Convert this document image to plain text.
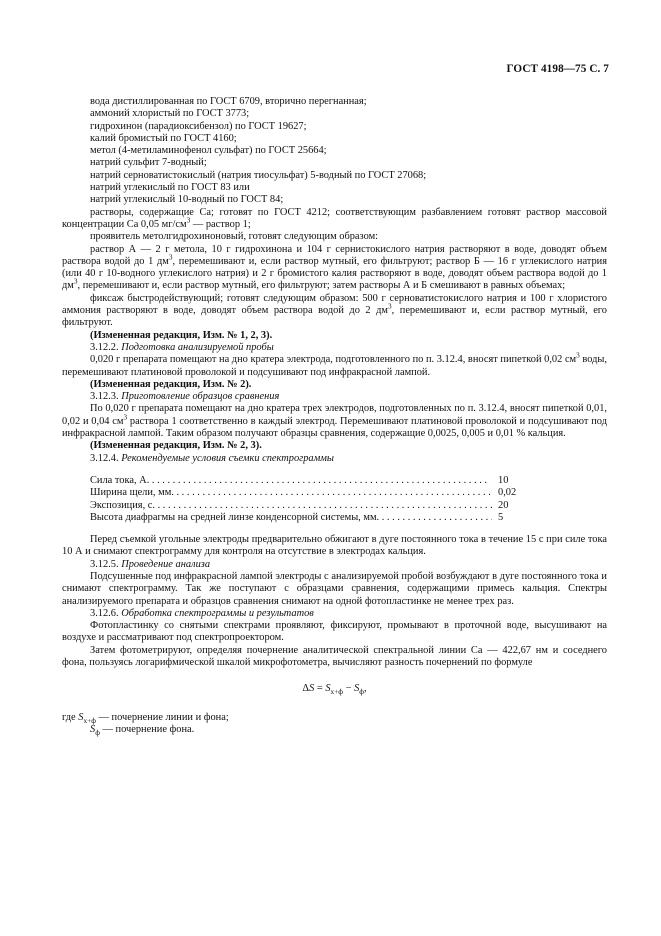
ГОСТ 4198—75 С. 7
вода дистиллированная по ГОСТ 6709, вторично перегнанная;
аммоний хлористый по ГОСТ 3773;
гидрохинон (парадиоксибензол) по ГОСТ 19627;
калий бромистый по ГОСТ 4160;
метол (4-метиламинофенол сульфат) по ГОСТ 25664;
натрий сульфит 7-водный;
натрий серноватистокислый (натрия тиосульфат) 5-водный по ГОСТ 27068;
натрий углекислый по ГОСТ 83 или
натрий углекислый 10-водный по ГОСТ 84;
растворы, содержащие Са; готовят по ГОСТ 4212; соответствующим разбавлением готовят раствор массовой концентрации Са 0,05 $мг/см^3$ — раствор 1;
проявитель метолгидрохиноновый, готовят следующим образом:
раствор А — 2 г метола, 10 г гидрохинона и 104 г сернистокислого натрия растворяют в воде, доводят объем раствора водой до 1 $дм^3$, перемешивают и, если раствор мутный, его фильтруют; раствор Б — 16 г углекислого натрия (или 40 г 10-водного углекислого натрия) и 2 г бромистого калия растворяют в воде, доводят объем раствора водой до 1 $дм^3$, перемешивают и, если раствор мутный, его фильтруют; затем растворы А и Б смешивают в равных объемах;
фиксаж быстродействующий; готовят следующим образом: 500 г серноватистокислого натрия и 100 г хлористого аммония растворяют в воде, доводят объем раствора водой до 2 $дм^3$, перемешивают и, если раствор мутный, его фильтруют.
(Измененная редакция, Изм. № 1, 2, 3).
3.12.2. Подготовка анализируемой пробы
0,020 г препарата помещают на дно кратера электрода, подготовленного по п. 3.12.4, вносят пипеткой 0,02 $см^3$ воды, перемешивают платиновой проволокой и подсушивают под инфракрасной лампой.
(Измененная редакция, Изм. № 2).
3.12.3. Приготовление образцов сравнения
По 0,020 г препарата помещают на дно кратера трех электродов, подготовленных по п. 3.12.4, вносят пипеткой 0,01, 0,02 и 0,04 $см^3$ раствора 1 соответственно в каждый электрод. Перемешивают платиновой проволокой и подсушивают под инфракрасной лампой. Таким образом получают образцы сравнения, содержащие 0,0025, 0,005 и 0,01 % кальция.
(Измененная редакция, Изм. № 2, 3).
3.12.4. Рекомендуемые условия съемки спектрограммы
Сила тока, А . . .	10
Ширина щели, мм . . .	0,02
Экспозиция, с . . .	20
Высота диафрагмы на средней линзе конденсорной системы, мм . . .	5
Перед съемкой угольные электроды предварительно обжигают в дуге постоянного тока в течение 15 с при силе тока 10 А и снимают спектрограмму для контроля на отсутствие в электродах кальция.
3.12.5. Проведение анализа
Подсушенные под инфракрасной лампой электроды с анализируемой пробой возбуждают в дуге постоянного тока и снимают спектрограмму. Так же поступают с образцами сравнения, содержащими примесь кальция. Спектры анализируемого препарата и образцов сравнения снимают на одной фотопластинке не менее трех раз.
3.12.6. Обработка спектрограммы и результатов
Фотопластинку со снятыми спектрами проявляют, фиксируют, промывают в проточной воде, высушивают на воздухе и рассматривают под спектропроектором.
Затем фотометрируют, определяя почернение аналитической спектральной линии Са — 422,67 нм и соседнего фона, пользуясь логарифмической шкалой микрофотометра, вычисляют разность почернений по формуле
$\Delta S = S_{x+ф} - S_ф$,
где $S_{x+ф}$ — почернение линии и фона;
$S_ф$ — почернение фона.
